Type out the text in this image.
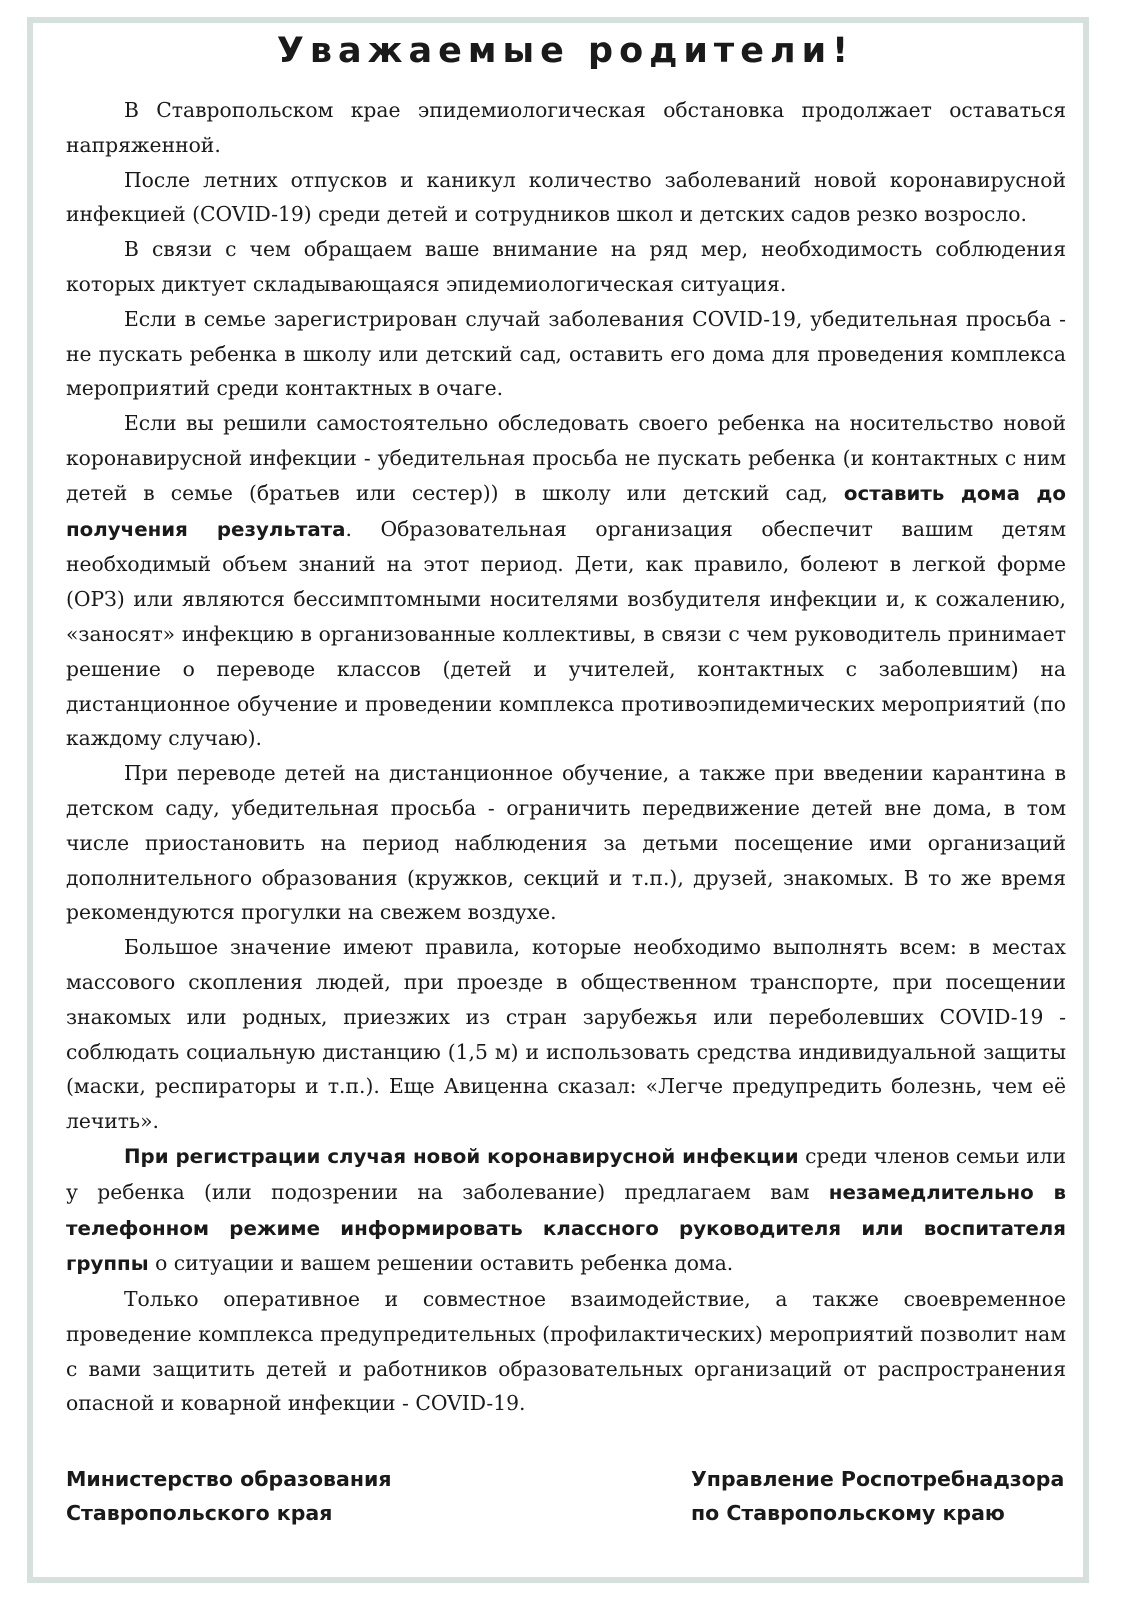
Уважаемые родители!

В Ставропольском крае эпидемиологическая обстановка продолжает оставаться напряженной.

После летних отпусков и каникул количество заболеваний новой коронавирусной инфекцией (COVID-19) среди детей и сотрудников школ и детских садов резко возросло.

В связи с чем обращаем ваше внимание на ряд мер, необходимость соблюдения которых диктует складывающаяся эпидемиологическая ситуация.

Если в семье зарегистрирован случай заболевания COVID-19, убедительная просьба - не пускать ребенка в школу или детский сад, оставить его дома для проведения комплекса мероприятий среди контактных в очаге.

Если вы решили самостоятельно обследовать своего ребенка на носительство новой коронавирусной инфекции - убедительная просьба не пускать ребенка (и контактных с ним детей в семье (братьев или сестер)) в школу или детский сад, оставить дома до получения результата. Образовательная организация обеспечит вашим детям необходимый объем знаний на этот период. Дети, как правило, болеют в легкой форме (ОРЗ) или являются бессимптомными носителями возбудителя инфекции и, к сожалению, «заносят» инфекцию в организованные коллективы, в связи с чем руководитель принимает решение о переводе классов (детей и учителей, контактных с заболевшим) на дистанционное обучение и проведении комплекса противоэпидемических мероприятий (по каждому случаю).

При переводе детей на дистанционное обучение, а также при введении карантина в детском саду, убедительная просьба - ограничить передвижение детей вне дома, в том числе приостановить на период наблюдения за детьми посещение ими организаций дополнительного образования (кружков, секций и т.п.), друзей, знакомых. В то же время рекомендуются прогулки на свежем воздухе.

Большое значение имеют правила, которые необходимо выполнять всем: в местах массового скопления людей, при проезде в общественном транспорте, при посещении знакомых или родных, приезжих из стран зарубежья или переболевших COVID-19 - соблюдать социальную дистанцию (1,5 м) и использовать средства индивидуальной защиты (маски, респираторы и т.п.). Еще Авиценна сказал: «Легче предупредить болезнь, чем её лечить».

При регистрации случая новой коронавирусной инфекции среди членов семьи или у ребенка (или подозрении на заболевание) предлагаем вам незамедлительно в телефонном режиме информировать классного руководителя или воспитателя группы о ситуации и вашем решении оставить ребенка дома.

Только оперативное и совместное взаимодействие, а также своевременное проведение комплекса предупредительных (профилактических) мероприятий позволит нам с вами защитить детей и работников образовательных организаций от распространения опасной и коварной инфекции - COVID-19.

Министерство образования
Ставропольского края
Управление Роспотребнадзора
по Ставропольскому краю
